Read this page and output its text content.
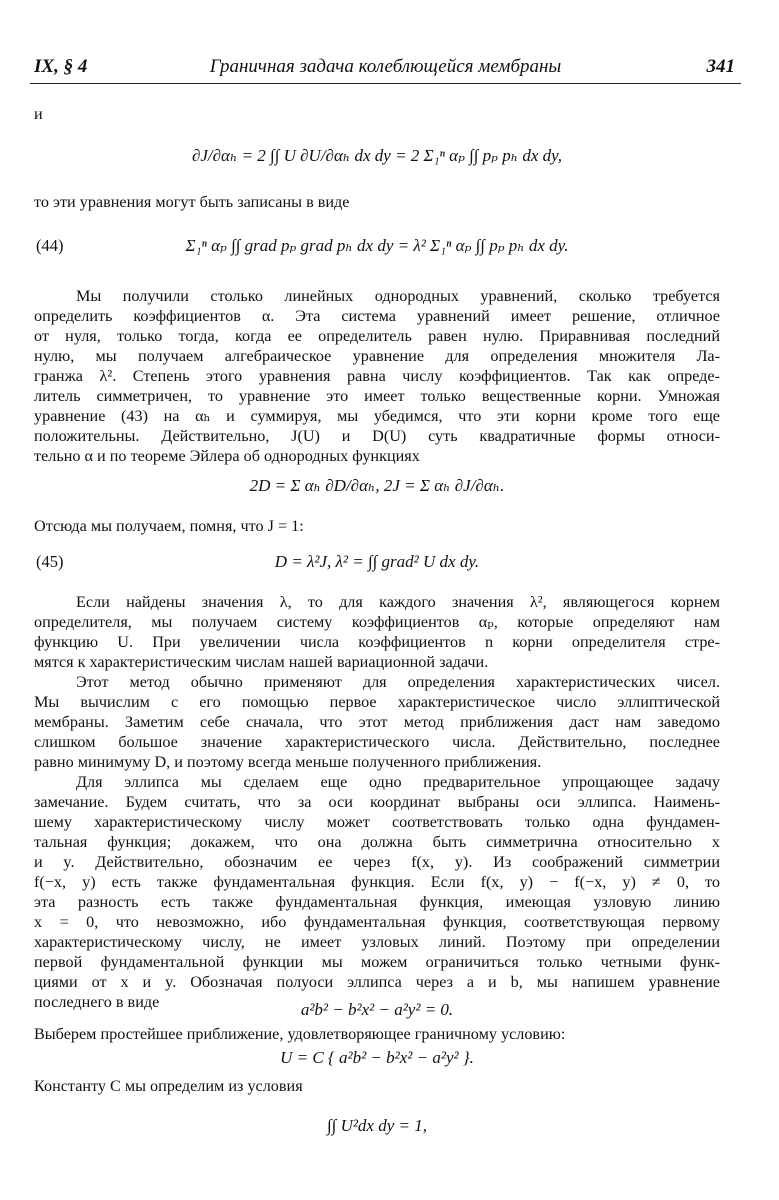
IX, § 4	Граничная задача колеблющейся мембраны	341
и
∂J/∂αₕ = 2 ∫∫ U ∂U/∂αₕ dx dy = 2 Σ₁ⁿ αₚ ∫∫ pₚ pₕ dx dy,
то эти уравнения могут быть записаны в виде
(44)	Σ₁ⁿ αₚ ∫∫ grad pₚ grad pₕ dx dy = λ² Σ₁ⁿ αₚ ∫∫ pₚ pₕ dx dy.
Мы получили столько линейных однородных уравнений, сколько требуется
определить коэффициентов α. Эта система уравнений имеет решение, отличное
от нуля, только тогда, когда ее определитель равен нулю. Приравнивая последний
нулю, мы получаем алгебраическое уравнение для определения множителя Ла-
гранжа λ². Степень этого уравнения равна числу коэффициентов. Так как опреде-
литель симметричен, то уравнение это имеет только вещественные корни. Умножая
уравнение (43) на αₕ и суммируя, мы убедимся, что эти корни кроме того еще
положительны. Действительно, J(U) и D(U) суть квадратичные формы относи-
тельно α и по теореме Эйлера об однородных функциях
2D = Σ αₕ ∂D/∂αₕ, 2J = Σ αₕ ∂J/∂αₕ.
Отсюда мы получаем, помня, что J = 1:
(45)	D = λ²J, λ² = ∫∫ grad² U dx dy.
Если найдены значения λ, то для каждого значения λ², являющегося корнем
определителя, мы получаем систему коэффициентов αₚ, которые определяют нам
функцию U. При увеличении числа коэффициентов n корни определителя стре-
мятся к характеристическим числам нашей вариационной задачи.
Этот метод обычно применяют для определения характеристических чисел.
Мы вычислим с его помощью первое характеристическое число эллиптической
мембраны. Заметим себе сначала, что этот метод приближения даст нам заведомо
слишком большое значение характеристического числа. Действительно, последнее
равно минимуму D, и поэтому всегда меньше полученного приближения.
Для эллипса мы сделаем еще одно предварительное упрощающее задачу
замечание. Будем считать, что за оси координат выбраны оси эллипса. Наимень-
шему характеристическому числу может соответствовать только одна фундамен-
тальная функция; докажем, что она должна быть симметрична относительно x
и y. Действительно, обозначим ее через f(x, y). Из соображений симметрии
f(−x, y) есть также фундаментальная функция. Если f(x, y) − f(−x, y) ≠ 0, то
эта разность есть также фундаментальная функция, имеющая узловую линию
x = 0, что невозможно, ибо фундаментальная функция, соответствующая первому
характеристическому числу, не имеет узловых линий. Поэтому при определении
первой фундаментальной функции мы можем ограничиться только четными функ-
циями от x и y. Обозначая полуоси эллипса через a и b, мы напишем уравнение
последнего в виде	a²b² − b²x² − a²y² = 0.
Выберем простейшее приближение, удовлетворяющее граничному условию:
U = C { a²b² − b²x² − a²y² }.
Константу C мы определим из условия
∫∫ U²dx dy = 1,
